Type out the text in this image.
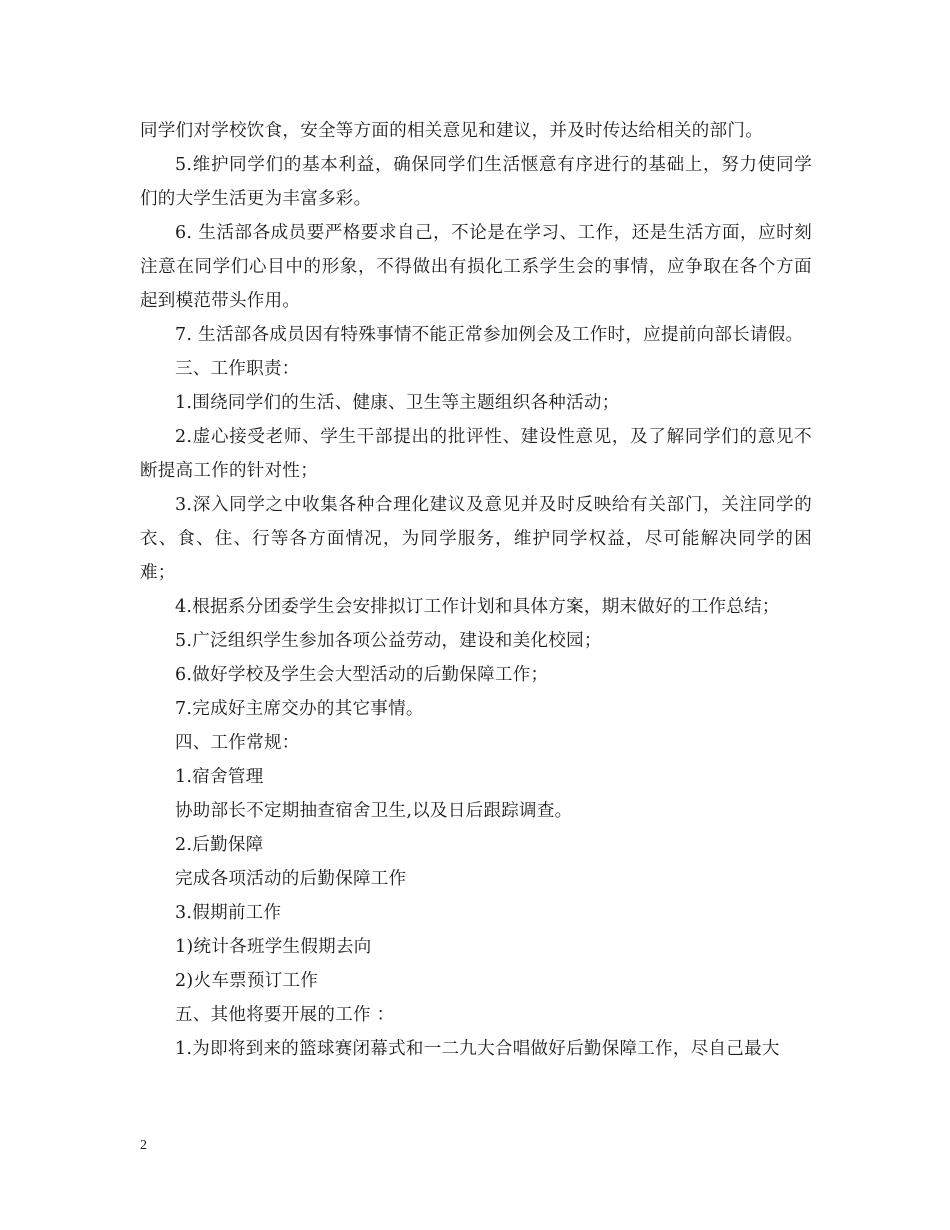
同学们对学校饮食，安全等方面的相关意见和建议，并及时传达给相关的部门。

5.维护同学们的基本利益，确保同学们生活惬意有序进行的基础上，努力使同学们的大学生活更为丰富多彩。

6. 生活部各成员要严格要求自己，不论是在学习、工作，还是生活方面，应时刻注意在同学们心目中的形象，不得做出有损化工系学生会的事情，应争取在各个方面起到模范带头作用。

7. 生活部各成员因有特殊事情不能正常参加例会及工作时，应提前向部长请假。

三、工作职责：

1.围绕同学们的生活、健康、卫生等主题组织各种活动；

2.虚心接受老师、学生干部提出的批评性、建设性意见，及了解同学们的意见不断提高工作的针对性；

3.深入同学之中收集各种合理化建议及意见并及时反映给有关部门，关注同学的衣、食、住、行等各方面情况，为同学服务，维护同学权益，尽可能解决同学的困难；

4.根据系分团委学生会安排拟订工作计划和具体方案，期末做好的工作总结；

5.广泛组织学生参加各项公益劳动，建设和美化校园；

6.做好学校及学生会大型活动的后勤保障工作；

7.完成好主席交办的其它事情。

四、工作常规：

1.宿舍管理

协助部长不定期抽查宿舍卫生,以及日后跟踪调查。

2.后勤保障

完成各项活动的后勤保障工作

3.假期前工作

1)统计各班学生假期去向

2)火车票预订工作

五、其他将要开展的工作 ：

1.为即将到来的篮球赛闭幕式和一二九大合唱做好后勤保障工作，尽自己最大

2
